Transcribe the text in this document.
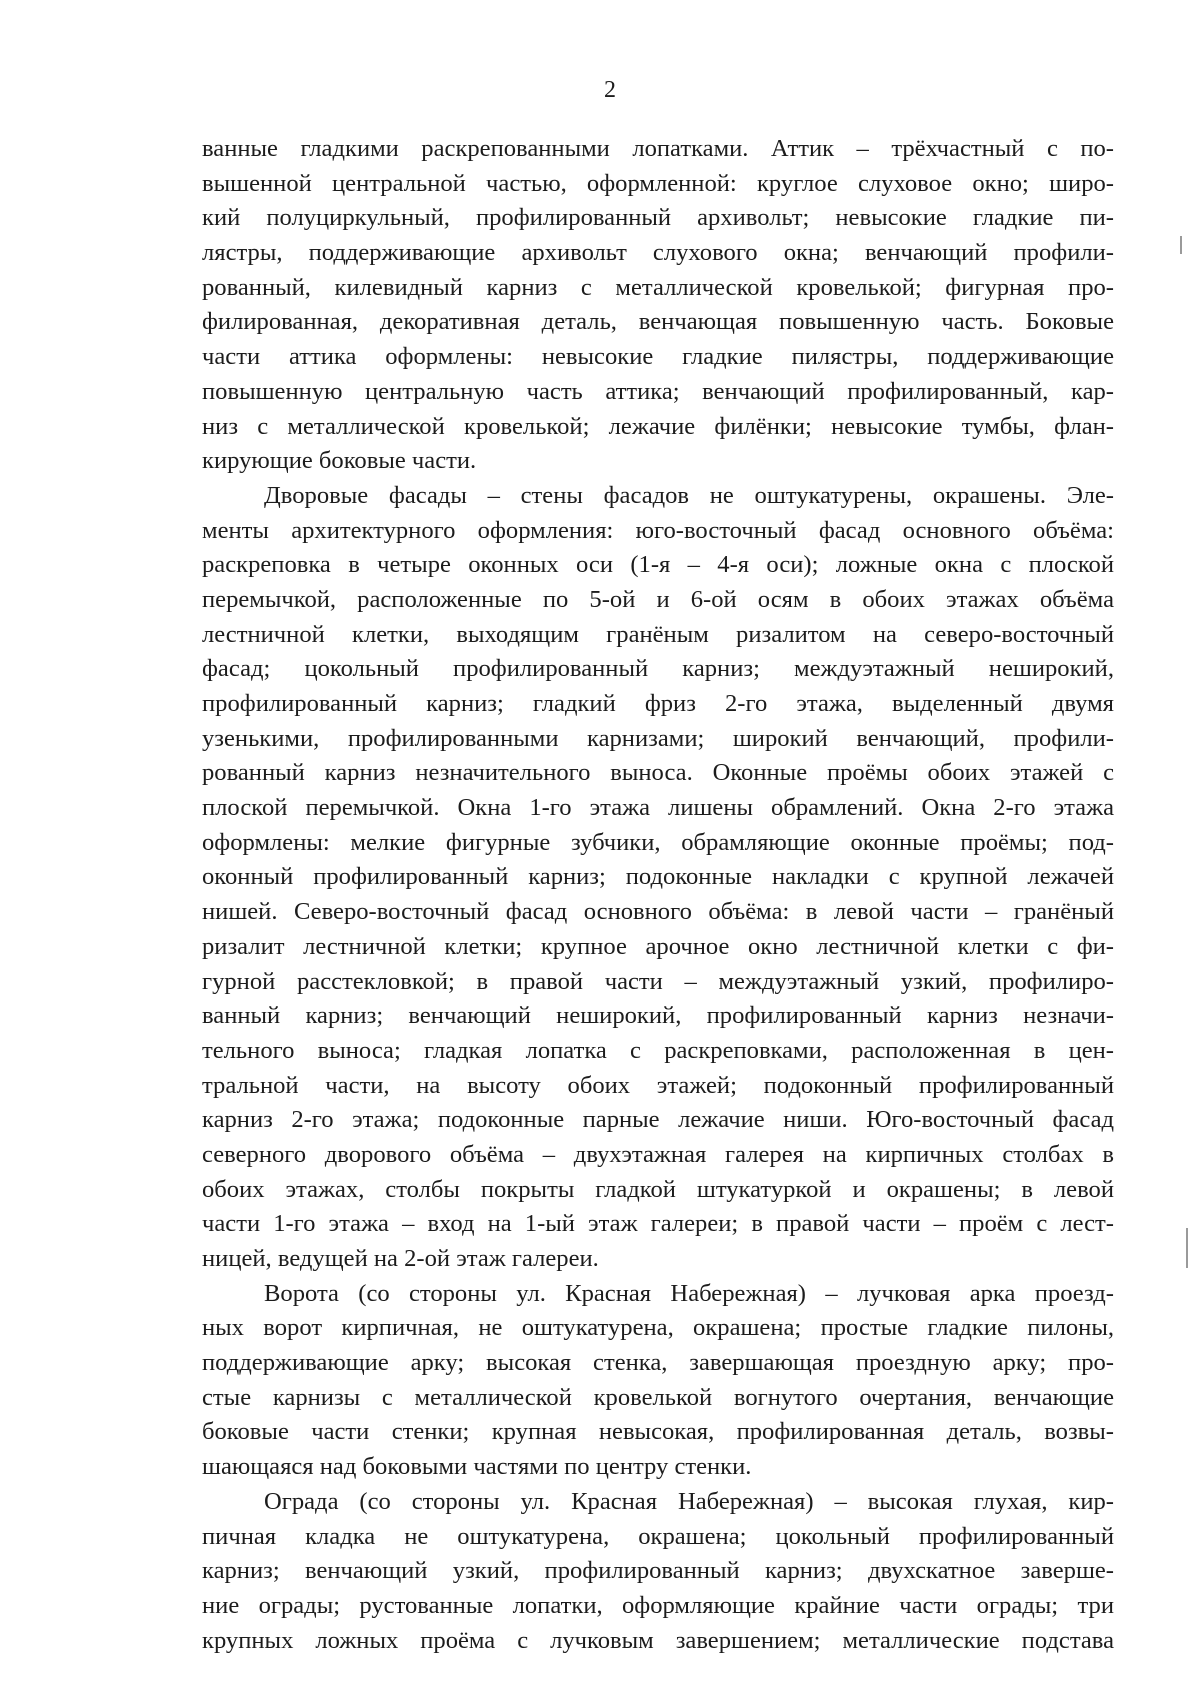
2
ванные гладкими раскрепованными лопатками. Аттик – трёхчастный с по-
вышенной центральной частью, оформленной: круглое слуховое окно; широ-
кий полуциркульный, профилированный архивольт; невысокие гладкие пи-
лястры, поддерживающие архивольт слухового окна; венчающий профили-
рованный, килевидный карниз с металлической кровелькой; фигурная про-
филированная, декоративная деталь, венчающая повышенную часть. Боковые
части аттика оформлены: невысокие гладкие пилястры, поддерживающие
повышенную центральную часть аттика; венчающий профилированный, кар-
низ с металлической кровелькой; лежачие филёнки; невысокие тумбы, флан-
кирующие боковые части.
Дворовые фасады – стены фасадов не оштукатурены, окрашены. Эле-
менты архитектурного оформления: юго-восточный фасад основного объёма:
раскреповка в четыре оконных оси (1-я – 4-я оси); ложные окна с плоской
перемычкой, расположенные по 5-ой и 6-ой осям в обоих этажах объёма
лестничной клетки, выходящим гранёным ризалитом на северо-восточный
фасад; цокольный профилированный карниз; междуэтажный неширокий,
профилированный карниз; гладкий фриз 2-го этажа, выделенный двумя
узенькими, профилированными карнизами; широкий венчающий, профили-
рованный карниз незначительного выноса. Оконные проёмы обоих этажей с
плоской перемычкой. Окна 1-го этажа лишены обрамлений. Окна 2-го этажа
оформлены: мелкие фигурные зубчики, обрамляющие оконные проёмы; под-
оконный профилированный карниз; подоконные накладки с крупной лежачей
нишей. Северо-восточный фасад основного объёма: в левой части – гранёный
ризалит лестничной клетки; крупное арочное окно лестничной клетки с фи-
гурной расстекловкой; в правой части – междуэтажный узкий, профилиро-
ванный карниз; венчающий неширокий, профилированный карниз незначи-
тельного выноса; гладкая лопатка с раскреповками, расположенная в цен-
тральной части, на высоту обоих этажей; подоконный профилированный
карниз 2-го этажа; подоконные парные лежачие ниши. Юго-восточный фасад
северного дворового объёма – двухэтажная галерея на кирпичных столбах в
обоих этажах, столбы покрыты гладкой штукатуркой и окрашены; в левой
части 1-го этажа – вход на 1-ый этаж галереи; в правой части – проём с лест-
ницей, ведущей на 2-ой этаж галереи.
Ворота (со стороны ул. Красная Набережная) – лучковая арка проезд-
ных ворот кирпичная, не оштукатурена, окрашена; простые гладкие пилоны,
поддерживающие арку; высокая стенка, завершающая проездную арку; про-
стые карнизы с металлической кровелькой вогнутого очертания, венчающие
боковые части стенки; крупная невысокая, профилированная деталь, возвы-
шающаяся над боковыми частями по центру стенки.
Ограда (со стороны ул. Красная Набережная) – высокая глухая, кир-
пичная кладка не оштукатурена, окрашена; цокольный профилированный
карниз; венчающий узкий, профилированный карниз; двухскатное заверше-
ние ограды; рустованные лопатки, оформляющие крайние части ограды; три
крупных ложных проёма с лучковым завершением; металлические подстава
